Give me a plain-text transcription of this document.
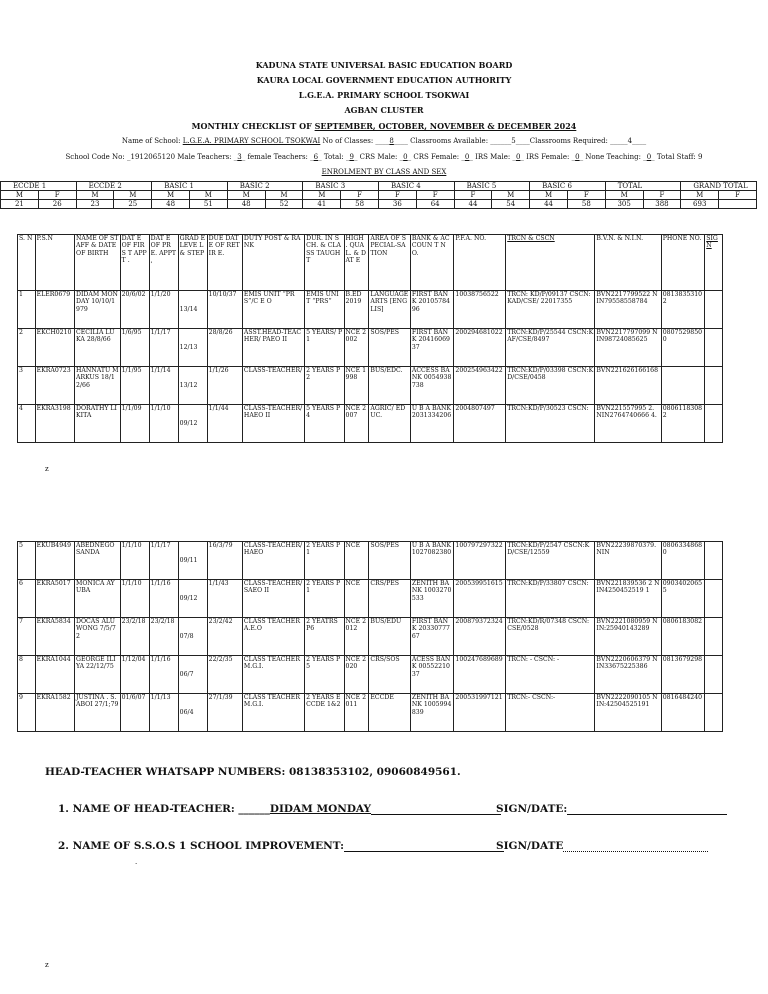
KADUNA STATE UNIVERSAL BASIC EDUCATION BOARD
KAURA LOCAL GOVERNMENT EDUCATION AUTHORITY
L.G.E.A. PRIMARY SCHOOL TSOKWAI
AGBAN CLUSTER
MONTHLY CHECKLIST OF SEPTEMBER, OCTOBER, NOVEMBER & DECEMBER 2024
Name of School: L.G.E.A. PRIMARY SCHOOL TSOKWAI No of Classes: ____8____ Classrooms Available: ______5____Classrooms Required: _____4____
School Code No: _1912065120 Male Teachers: _3_ female Teachers: _6_ Total: _9_ CRS Male: _0_ CRS Female: _0_ IRS Male: _0_ IRS Female: _0_ None Teaching: _0_ Total Staff: 9
ENROLMENT BY CLASS AND SEX
ECCDE 1		ECCDE 2		BASIC 1		BASIC 2		BASIC 3		BASIC 4		BASIC 5		BASIC 6		TOTAL		GRAND TOTAL	
M	F	M	M	M	M	M	M	M	F	F	F	F	M	M	F	M	F	M	F
21	26	23	25	48	51	48	52	41	58	36	64	44	54	44	58	305	388	693	
S. N	P.S.N	NAME OF STAFF & DATE OF BIRTH	DAT E OF FIRS T APPT .	DAT E OF PRE. APPT ,	GRAD E LEVE L & STEP	DUE DATE OF RETIR E.	DUTY POST & RANK	DUR. IN SCH. & CLASS TAUGH T	HIGH . QUA L. & DAT E	AREA OF SPECIAL-SATION	BANK & ACCOUN T NO.	P.F.A. NO.	TRCN & CSCN	B.V.N. & N.I.N.	PHONE NO.	SIG N
1	ELER0679	DIDAM MONDAY 10/10/1979	20/6/02	1/1/20	13/14	10/10/37	EMIS UNIT “PRS”/C E O	EMIS UNIT “PRS”	B.ED 2019	LANGUAGE ARTS [ENGLIS]	FIRST BANK 2010578496	10038756522	TRCN: KD/P/09137 CSCN:KAD/CSE/ 22017355	BVN2217799522 NIN79558558784	08138353102	
2	EKCH0210	CECILIA LUKA 28/8/66	1/6/95	1/1/17	12/13	28/8/26	ASST.HEAD-TEACHER/ PAEO II	5 YEARS/ P1	NCE 2002	SOS/PES	FIRST BANK 2041606937	200294681022	TRCN:KD/P/25544 CSCN:KAF/CSE/8497	BVN2217797099 NIN98724085625	08075298500	
3	EKRA0723	HANNATU MARKUS 18/12/66	1/1/95	1/1/14	13/12	1/1/26	CLASS-TEACHER/	2 YEARS P2	NCE 1998	BUS/EDC.	ACCESS BANK 0054938738	200254963422	TRCN:KD/P/03398 CSCN:KD/CSE/0458	BVN221626166168		
4	EKRA3198	DORATHY LIKITA	1/1/09	1/1/10	09/12	1/1/44	CLASS-TEACHER/ HAEO II	5 YEARS P4	NCE 2007	AGRIC/ EDUC.	U B A BANK 2031334206	2004807497	TRCN:KD/P/30523 CSCN:	BVN221557995 2. NIN2764740666 4.	08061183082	
z
5	EKUB4949	ABEDNEGO SANDA	1/1/10	1/1/17	09/11	16/3/79	CLASS-TEACHER/ HAEO	2 YEARS P1	NCE	SOS/PES	U B A BANK 1027082380	100797297322	TRCN:KD/P/2547 CSCN:KD/CSE/12559	BVN22239870379. NIN	08063348680	
6	EKRA5017	MONICA AYUBA	1/1/10	1/1/16	09/12	1/1/43	CLASS-TEACHER/ SAEO II	2 YEARS P1	NCE	CRS/PES	ZENITH BANK 1003270533	200539951615	TRCN:KD/P/33807 CSCN:	BVN221839536 2 NIN4250452519 1	09034020655	
7	EKRA5834	DOCAS ALUWONG 7/5/72	23/2/18	23/2/18	07/8	23/2/42	CLASS TEACHER A.E.O	2 YEATRS P6	NCE 2012	BUS/EDU	FIRST BANK 2033077767	200879372324	TRCN:KD/R/07348 CSCN:CSE/0528	BVN2221080959 NIN:25940143289	0806183082	
8	EKRA1044	GEORGE ILIYA 22/12/75	1/12/04	1/1/16	06/7	22/2/35	CLASS TEACHER M.G.I.	2 YEARS P5	NCE 2020	CRS/SOS	ACESS BANK 0055221037	100247689689	TRCN: - CSCN: -	BVN2220606379 NIN33675225386	0813679298	
9	EKRA1582	JUSTINA . S. ABOI 27/1;79	01/6/07	1/1/13	06/4	27/1/39	CLASS TEACHER M.G.I.	2 YEARS ECCDE 1&2	NCE 2011	ECCDE	ZENITH BANK 1005994839	200531997121	TRCN:- CSCN:-	BVN2222090105 NIN:42504525191	0816484240	
HEAD-TEACHER WHATSAPP NUMBERS: 08138353102, 09060849561.
1. NAME OF HEAD-TEACHER: ______DIDAM MONDAY	SIGN/DATE:
2. NAME OF S.S.O.S 1 SCHOOL IMPROVEMENT:	SIGN/DATE
.
z
